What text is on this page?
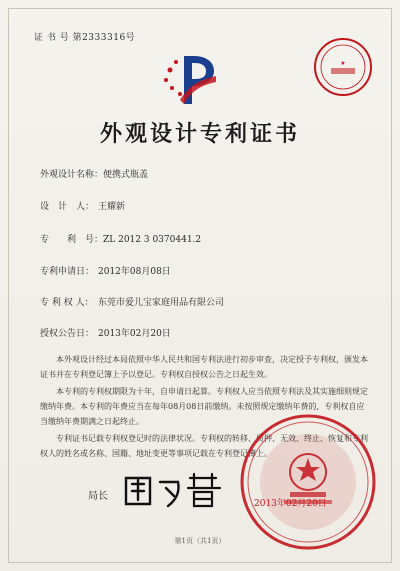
证 书 号 第2333316号
★
外观设计专利证书
外观设计名称：便携式瓶盖
设　计　人： 王耀新
专　　利　号：ZL 2012 3 0370441.2
专利申请日： 2012年08月08日
专 利 权 人： 东莞市爱儿宝家庭用品有限公司
授权公告日： 2013年02月20日
本外观设计经过本局依照中华人民共和国专利法进行初步审查，决定授予专利权，颁发本证书并在专利登记簿上予以登记。专利权自授权公告之日起生效。
本专利的专利权期限为十年，自申请日起算。专利权人应当依照专利法及其实施细则规定缴纳年费。本专利的年费应当在每年08月08日前缴纳。未按照规定缴纳年费的，专利权自应当缴纳年费期满之日起终止。
专利证书记载专利权登记时的法律状况。专利权的转移、质押、无效、终止、恢复和专利权人的姓名或名称、国籍、地址变更等事项记载在专利登记簿上。
局长
2013年02月20日
第1页（共1页）
